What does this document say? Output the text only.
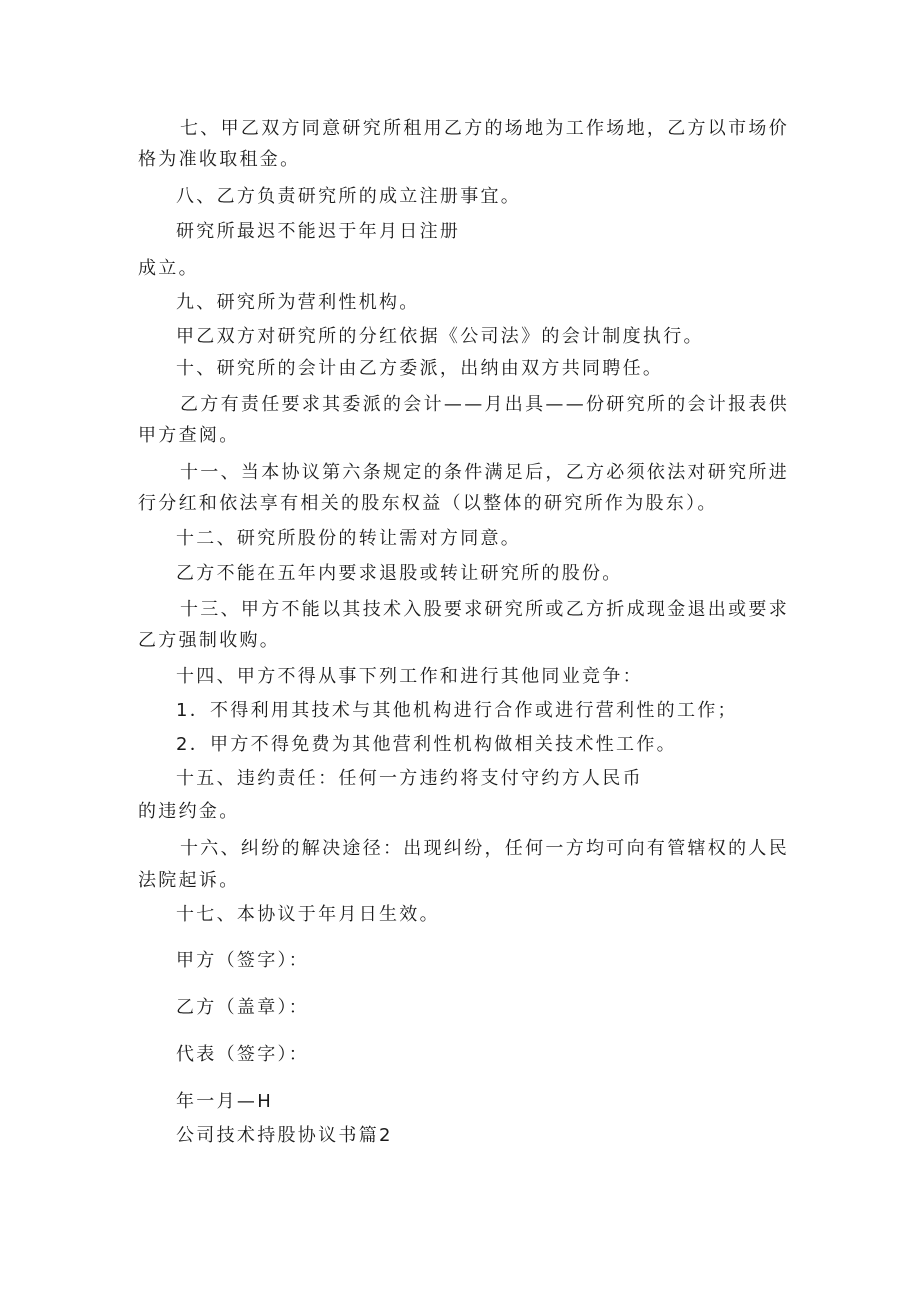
七、甲乙双方同意研究所租用乙方的场地为工作场地，乙方以市场价
格为准收取租金。
八、乙方负责研究所的成立注册事宜。
研究所最迟不能迟于年月日注册
成立。
九、研究所为营利性机构。
甲乙双方对研究所的分红依据《公司法》的会计制度执行。
十、研究所的会计由乙方委派，出纳由双方共同聘任。
乙方有责任要求其委派的会计——月出具——份研究所的会计报表供
甲方查阅。
十一、当本协议第六条规定的条件满足后，乙方必须依法对研究所进
行分红和依法享有相关的股东权益（以整体的研究所作为股东）。
十二、研究所股份的转让需对方同意。
乙方不能在五年内要求退股或转让研究所的股份。
十三、甲方不能以其技术入股要求研究所或乙方折成现金退出或要求
乙方强制收购。
十四、甲方不得从事下列工作和进行其他同业竞争：
1．不得利用其技术与其他机构进行合作或进行营利性的工作；
2．甲方不得免费为其他营利性机构做相关技术性工作。
十五、违约责任：任何一方违约将支付守约方人民币
的违约金。
十六、纠纷的解决途径：出现纠纷，任何一方均可向有管辖权的人民
法院起诉。
十七、本协议于年月日生效。
甲方（签字）：
乙方（盖章）：
代表（签字）：
年一月—H
公司技术持股协议书篇2
